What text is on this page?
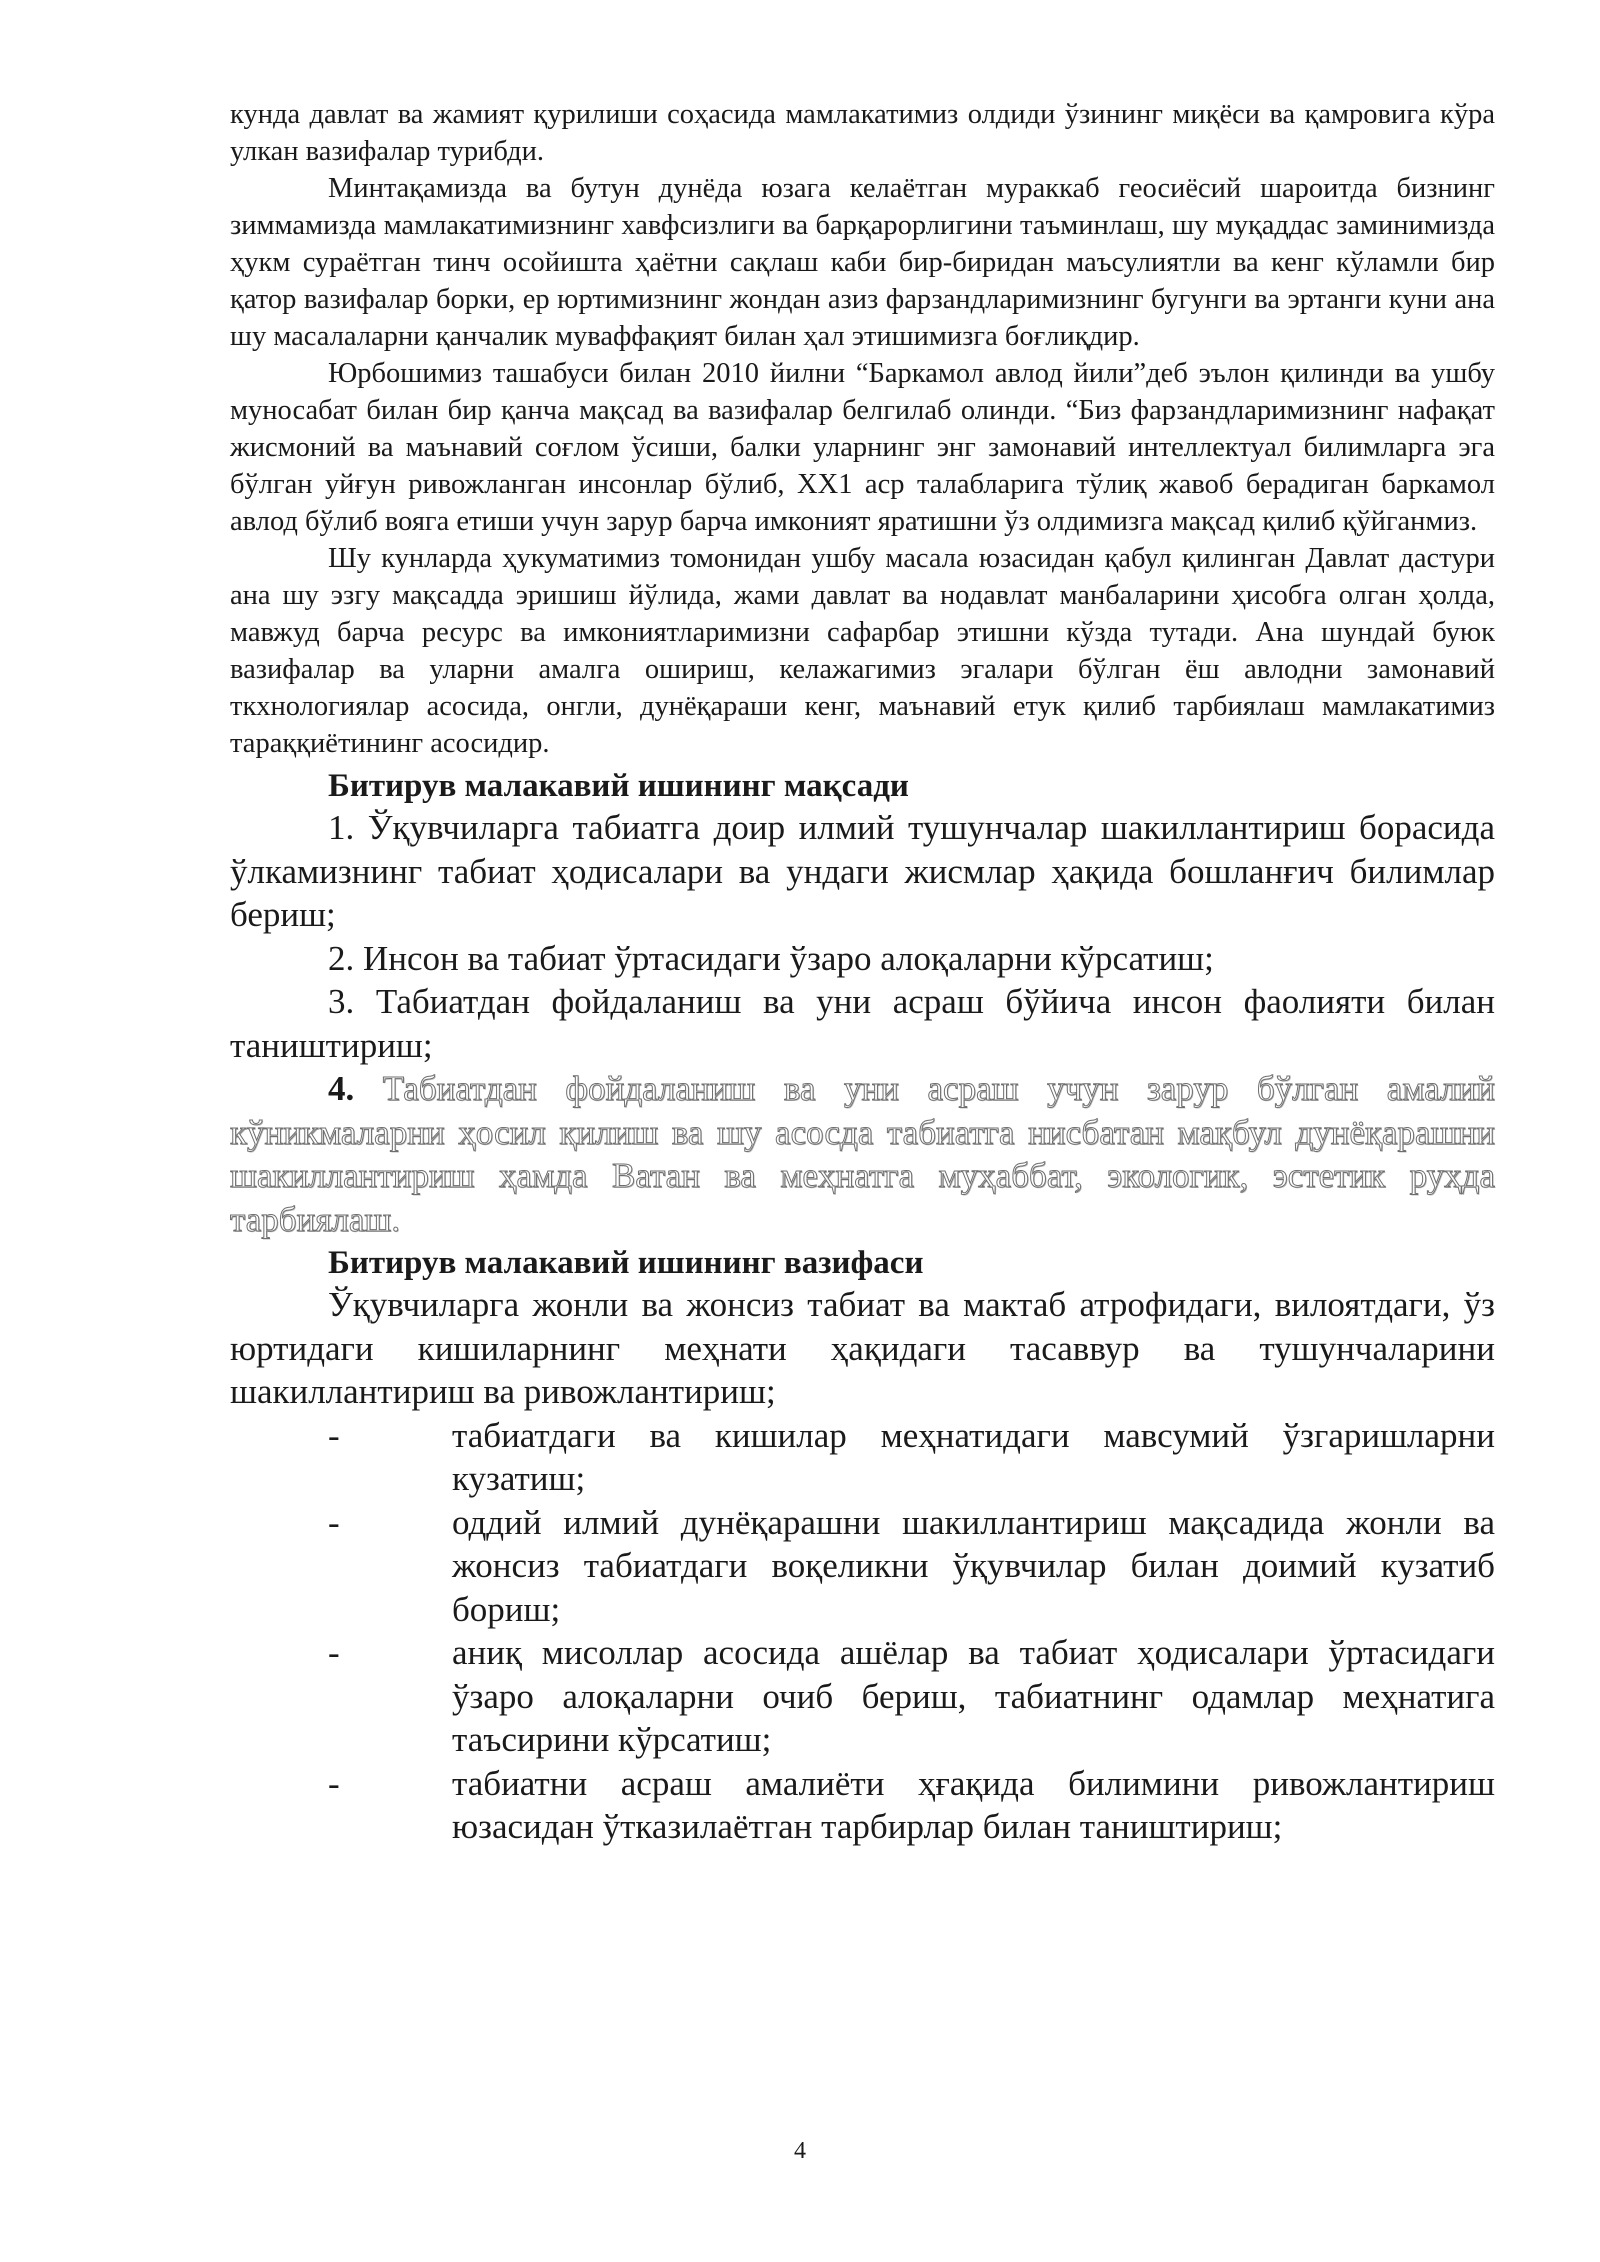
кунда давлат ва жамият қурилиши соҳасида мамлакатимиз олдиди ўзининг миқёси ва қамровига кўра улкан вазифалар турибди.

Минтақамизда ва бутун дунёда юзага келаётган мураккаб геосиёсий шароитда бизнинг зиммамизда мамлакатимизнинг хавфсизлиги ва барқарорлигини таъминлаш, шу муқаддас заминимизда ҳукм сураётган тинч осойишта ҳаётни сақлаш каби бир-биридан маъсулиятли ва кенг кўламли бир қатор вазифалар борки, ер юртимизнинг жондан азиз фарзандларимизнинг бугунги ва эртанги куни ана шу масалаларни қанчалик муваффақият билан ҳал этишимизга боғлиқдир.

Юрбошимиз ташабуси билан 2010 йилни “Баркамол авлод йили”деб эълон қилинди ва ушбу муносабат билан бир қанча мақсад ва вазифалар белгилаб олинди. “Биз фарзандларимизнинг нафақат жисмоний ва маънавий соғлом ўсиши, балки уларнинг энг замонавий интеллектуал билимларга эга бўлган уйғун ривожланган инсонлар бўлиб, ХХ1 аср талабларига тўлиқ жавоб берадиган баркамол авлод бўлиб вояга етиши учун зарур барча имконият яратишни ўз олдимизга мақсад қилиб қўйганмиз.

Шу кунларда ҳукуматимиз томонидан ушбу масала юзасидан қабул қилинган Давлат дастури ана шу эзгу мақсадда эришиш йўлида, жами давлат ва нодавлат манбаларини ҳисобга олган ҳолда, мавжуд барча ресурс ва имкониятларимизни сафарбар этишни кўзда тутади. Ана шундай буюк вазифалар ва уларни амалга ошириш, келажагимиз эгалари бўлган ёш авлодни замонавий ткхнологиялар асосида, онгли, дунёқараши кенг, маънавий етук қилиб тарбиялаш мамлакатимиз тараққиётининг асосидир.

Битирув малакавий ишининг мақсади

1. Ўқувчиларга табиатга доир илмий тушунчалар шакиллантириш борасида ўлкамизнинг табиат ҳодисалари ва ундаги жисмлар ҳақида бошланғич билимлар бериш;

2. Инсон ва табиат ўртасидаги ўзаро алоқаларни кўрсатиш;

3. Табиатдан фойдаланиш ва уни асраш бўйича инсон фаолияти билан таништириш;

4. Табиатдан фойдаланиш ва уни асраш учун зарур бўлган амалий кўникмаларни ҳосил қилиш ва шу асосда табиатга нисбатан мақбул дунёқарашни шакиллантириш ҳамда Ватан ва меҳнатга муҳаббат, экологик, эстетик руҳда тарбиялаш.

Битирув малакавий ишининг вазифаси

Ўқувчиларга жонли ва жонсиз табиат ва мактаб атрофидаги, вилоятдаги, ўз юртидаги кишиларнинг меҳнати ҳақидаги тасаввур ва тушунчаларини шакиллантириш ва ривожлантириш;

-	табиатдаги ва кишилар меҳнатидаги мавсумий ўзгаришларни кузатиш;
-	оддий илмий дунёқарашни шакиллантириш мақсадида жонли ва жонсиз табиатдаги воқеликни ўқувчилар билан доимий кузатиб бориш;
-	аниқ мисоллар асосида ашёлар ва табиат ҳодисалари ўртасидаги ўзаро алоқаларни очиб бериш, табиатнинг одамлар меҳнатига таъсирини кўрсатиш;
-	табиатни асраш амалиёти ҳғақида билимини ривожлантириш юзасидан ўтказилаётган тарбирлар билан таништириш;
4
